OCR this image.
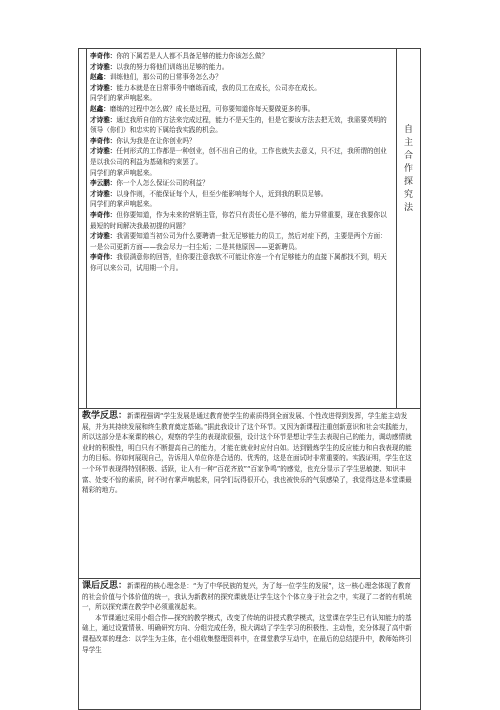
李奇伟：你的下属若是人人都不具备足够的能力你该怎么做？

才诗雅：以我的努力将他们训练出足够的能力。

赵鑫：训练他们，那公司的日常事务怎么办？

才诗雅：能力本就是在日常事务中磨练而成，我的员工在成长，公司亦在成长。

同学们的掌声响起来。

赵鑫：磨练的过程中怎么做？成长是过程，可你要知道你每天要做更多的事。

才诗雅：通过我所自信的方法来完成过程，能力不是天生的，但是它要该方法去把无效，我需要英明的领导（你们）和忠实的下属给我实践的机会。

李奇伟：你认为我是在让你创业吗？

才诗雅：任何形式的工作都是一种创业，创不出自己的业，工作也就失去意义，只不过，我所谓的创业是以我公司的利益为基础和约束罢了。

同学们的掌声响起来。

李云鹏：你一个人怎么保证公司的利益？

才诗雅：以身作则，不能保证每个人，但至少能影响每个人，近到我的职员足够。

同学们的掌声响起来。

李奇伟：但你要知道，作为未来的营销主管，你若只有责任心是不够的，能力异常重要，现在我要你以最短的时间解决我最初提的问题？

才诗雅：我需要知道当初公司为什么要聘请一批无足够能力的员工，然后对症下药，主要是两个方面：一是公司更新方面——我会尽力一扫尘垢；二是其他原因——更新聘员。

李奇伟：我很满意你的回答，但你要注意我软不可能让你连一个有足够能力的直接下属都找不到，明天你可以来公司，试用期一个月。

自
主
合
作
探
究
法

教学反思：新课程强调“学生发展是通过教育使学生的素质得到全面发展、个性改进得到发挥，学生能主动发展，并为其持续发展和终生教育奠定基础。”据此我设计了这个环节。又因为新课程注重创新意识和社会实践能力，所以这部分是本案课的核心，观察的学生的表现欲很强，设计这个环节是想让学生去表现自己的能力，调动感情就业时的积极性，明白只有不断提高自己的能力，才能在就业时应付自如。达到锻炼学生的反应能力和自我表现的能力的目标。你如何展现自己，告诉用人单位你是合适的、优秀的，这是在面试时非常重要的。实践证明，学生在这一个环节表现得特别积极、活跃，让人有一种“百花齐放”“百家争鸣”的感觉，也充分显示了学生思敏捷、知识丰富、处变不惊的素质，时不时有掌声响起来，同学们玩得很开心，我也被快乐的气氛感染了，我觉得这是本堂课最精彩的地方。

课后反思：新课程的核心理念是：“为了中华民族的复兴，为了每一位学生的发展”，这一核心理念体现了教育的社会价值与个体价值的统一，我认为新教材的探究课就是让学生这个个体立身于社会之中，实现了二者的有机统一，所以探究课在教学中必须重视起来。

本节课通过采用小组合作—探究的教学模式，改变了传统的讲授式教学模式，这堂课在学生已有认知能力的基础上，通过设置情景、明确研究方向、分组完成任务，极大调动了学生学习的积极性、主动性，充分体现了高中新课程改革的理念：以学生为主体，在小组收集整理资料中，在课堂教学互动中，在最后的总结提升中，教师始终引导学生
